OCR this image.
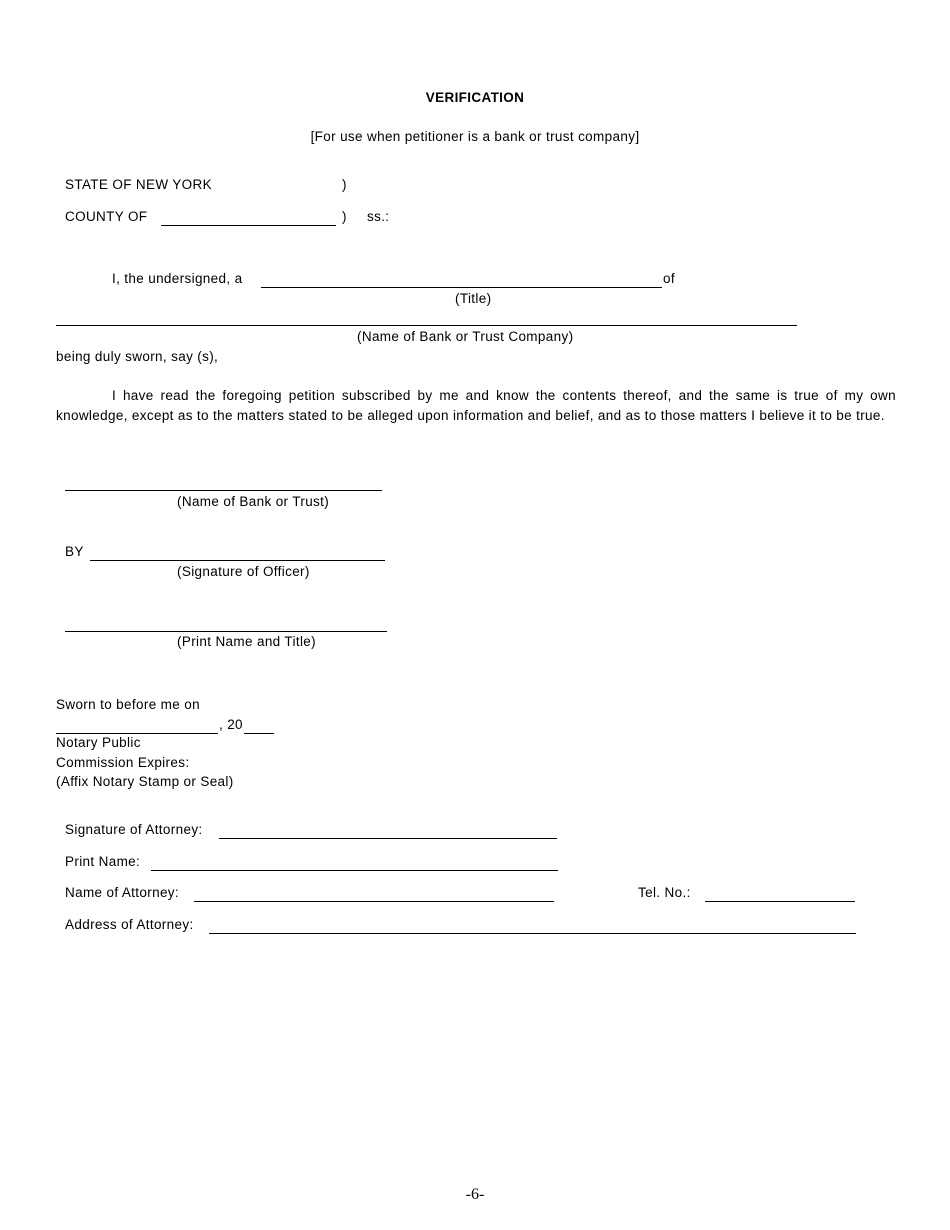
VERIFICATION
[For use when petitioner is a bank or trust company]
STATE OF NEW YORK	)
COUNTY OF	) ss.:
I, the undersigned, a	of
(Title)
(Name of Bank or Trust Company)
being duly sworn, say (s),
I have read the foregoing petition subscribed by me and know the contents thereof, and the same is true of my own knowledge, except as to the matters stated to be alleged upon information and belief, and as to those matters I believe it to be true.
(Name of Bank or Trust)
BY
(Signature of Officer)
(Print Name and Title)
Sworn to before me on
, 20
Notary Public
Commission Expires:
(Affix Notary Stamp or Seal)
Signature of Attorney:
Print Name:
Name of Attorney:	Tel. No.:
Address of Attorney:
-6-
